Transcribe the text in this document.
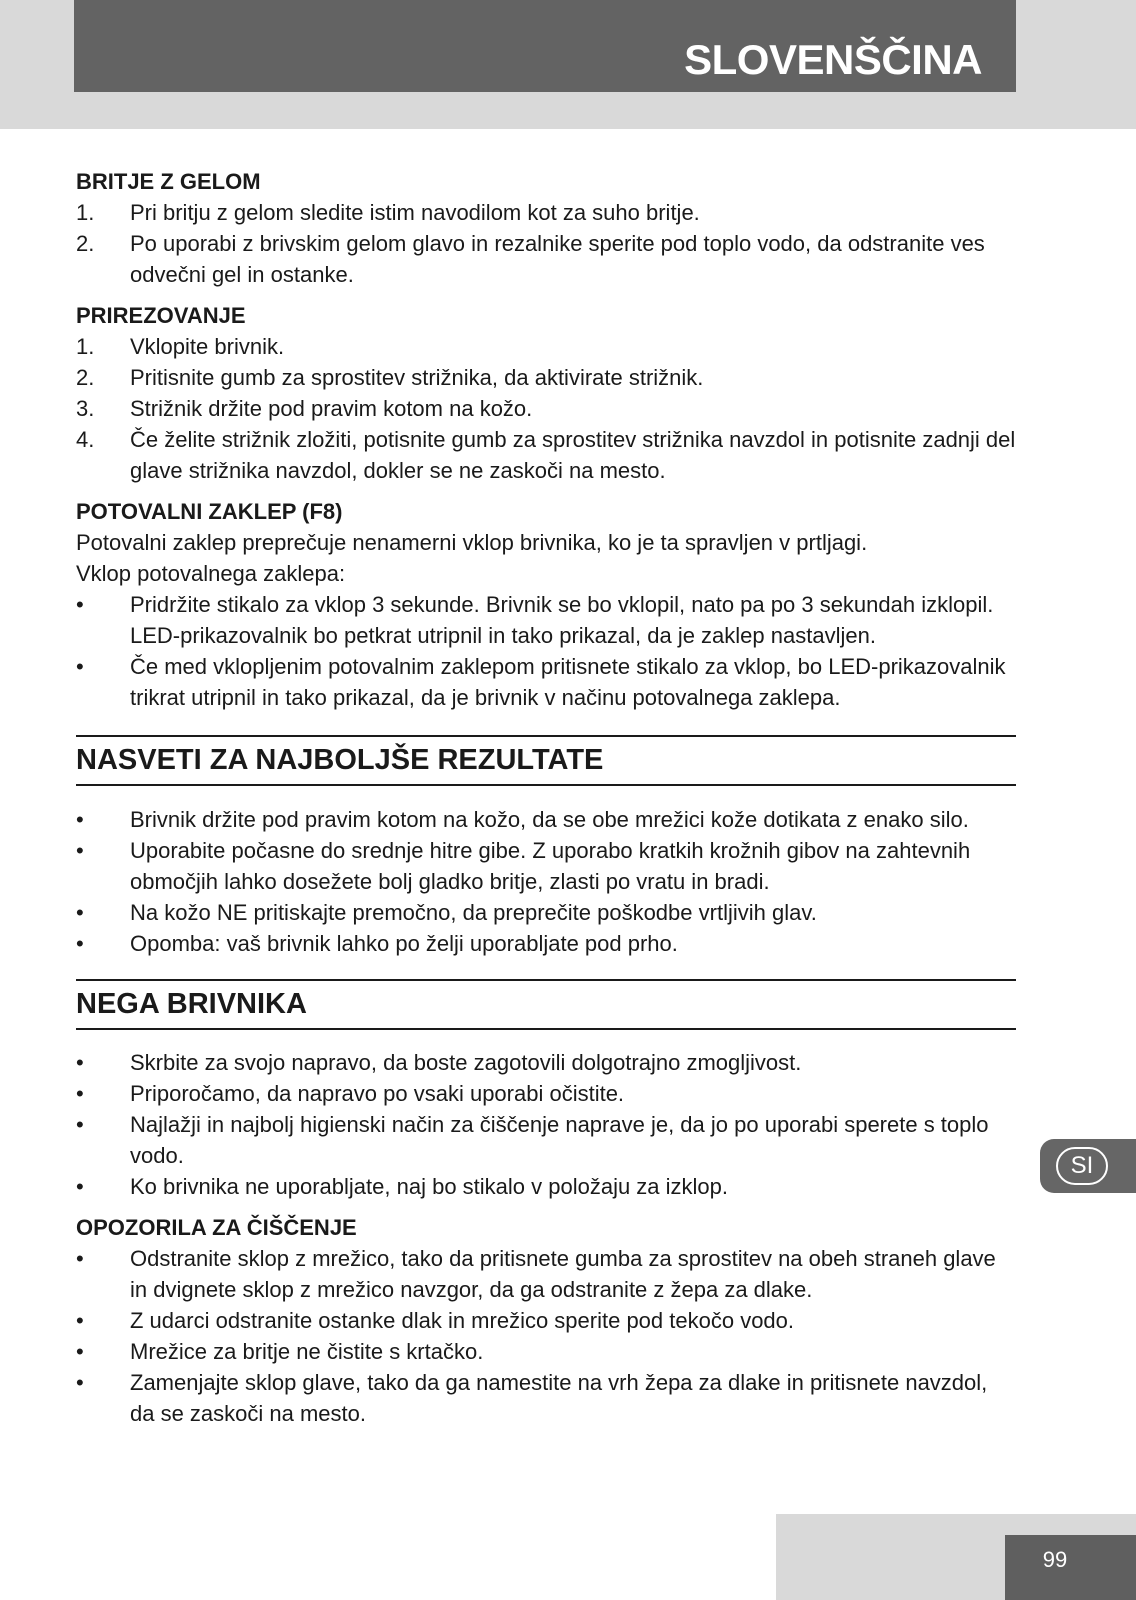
SLOVENŠČINA
BRITJE Z GELOM
1.	Pri britju z gelom sledite istim navodilom kot za suho britje.
2.	Po uporabi z brivskim gelom glavo in rezalnike sperite pod toplo vodo, da odstranite ves odvečni gel in ostanke.
PRIREZOVANJE
1.	Vklopite brivnik.
2.	Pritisnite gumb za sprostitev strižnika, da aktivirate strižnik.
3.	Strižnik držite pod pravim kotom na kožo.
4.	Če želite strižnik zložiti, potisnite gumb za sprostitev strižnika navzdol in potisnite zadnji del glave strižnika navzdol, dokler se ne zaskoči na mesto.
POTOVALNI ZAKLEP (F8)

Potovalni zaklep preprečuje nenamerni vklop brivnika, ko je ta spravljen v prtljagi.

Vklop potovalnega zaklepa:

•	Pridržite stikalo za vklop 3 sekunde. Brivnik se bo vklopil, nato pa po 3 sekundah izklopil. LED-prikazovalnik bo petkrat utripnil in tako prikazal, da je zaklep nastavljen.
•	Če med vklopljenim potovalnim zaklepom pritisnete stikalo za vklop, bo LED-prikazovalnik trikrat utripnil in tako prikazal, da je brivnik v načinu potovalnega zaklepa.
NASVETI ZA NAJBOLJŠE REZULTATE
•	Brivnik držite pod pravim kotom na kožo, da se obe mrežici kože dotikata z enako silo.
•	Uporabite počasne do srednje hitre gibe. Z uporabo kratkih krožnih gibov na zahtevnih območjih lahko dosežete bolj gladko britje, zlasti po vratu in bradi.
•	Na kožo NE pritiskajte premočno, da preprečite poškodbe vrtljivih glav.
•	Opomba: vaš brivnik lahko po želji uporabljate pod prho.
NEGA BRIVNIKA
•	Skrbite za svojo napravo, da boste zagotovili dolgotrajno zmogljivost.
•	Priporočamo, da napravo po vsaki uporabi očistite.
•	Najlažji in najbolj higienski način za čiščenje naprave je, da jo po uporabi sperete s toplo vodo.
•	Ko brivnika ne uporabljate, naj bo stikalo v položaju za izklop.
OPOZORILA ZA ČIŠČENJE
•	Odstranite sklop z mrežico, tako da pritisnete gumba za sprostitev na obeh straneh glave in dvignete sklop z mrežico navzgor, da ga odstranite z žepa za dlake.
•	Z udarci odstranite ostanke dlak in mrežico sperite pod tekočo vodo.
•	Mrežice za britje ne čistite s krtačko.
•	Zamenjajte sklop glave, tako da ga namestite na vrh žepa za dlake in pritisnete navzdol, da se zaskoči na mesto.
SI
99
